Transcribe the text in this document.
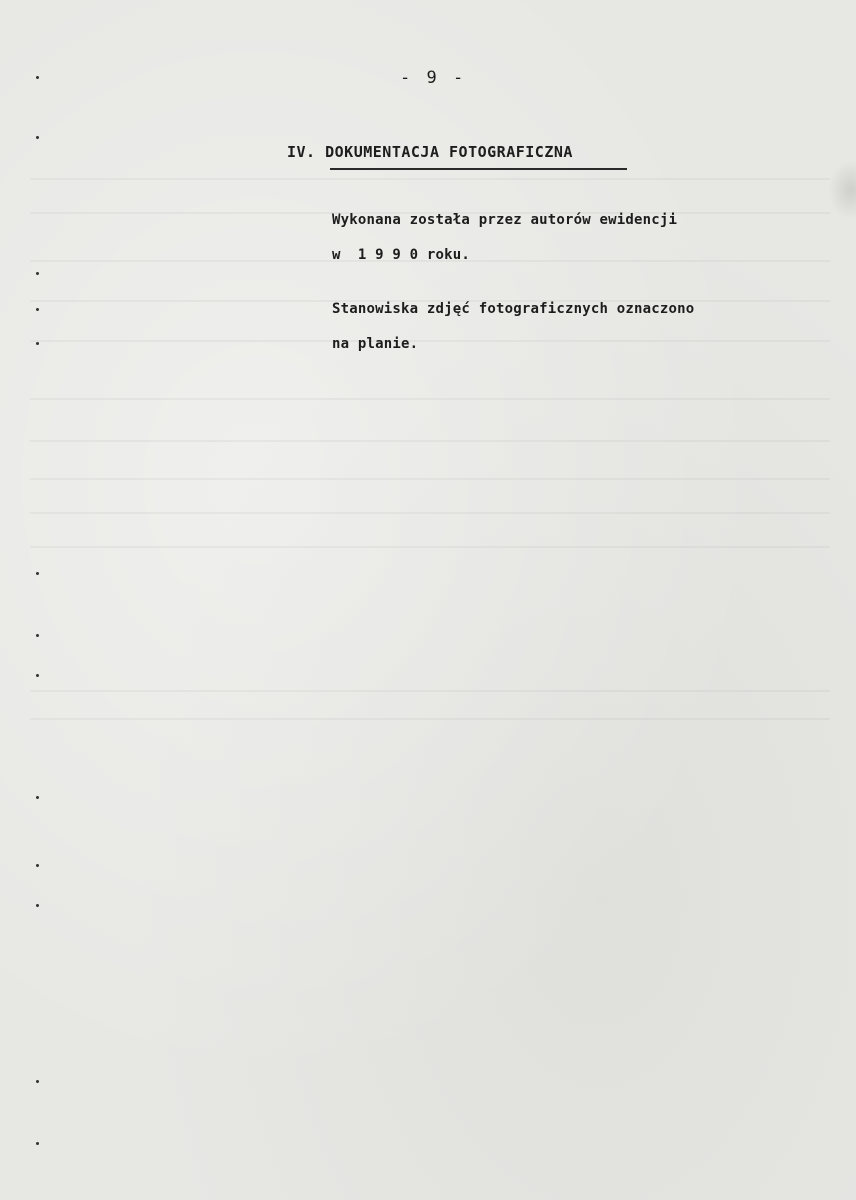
- 9 -
IV. DOKUMENTACJA FOTOGRAFICZNA
Wykonana została przez autorów ewidencji
w  1 9 9 0 roku.
Stanowiska zdjęć fotograficznych oznaczono
na planie.
